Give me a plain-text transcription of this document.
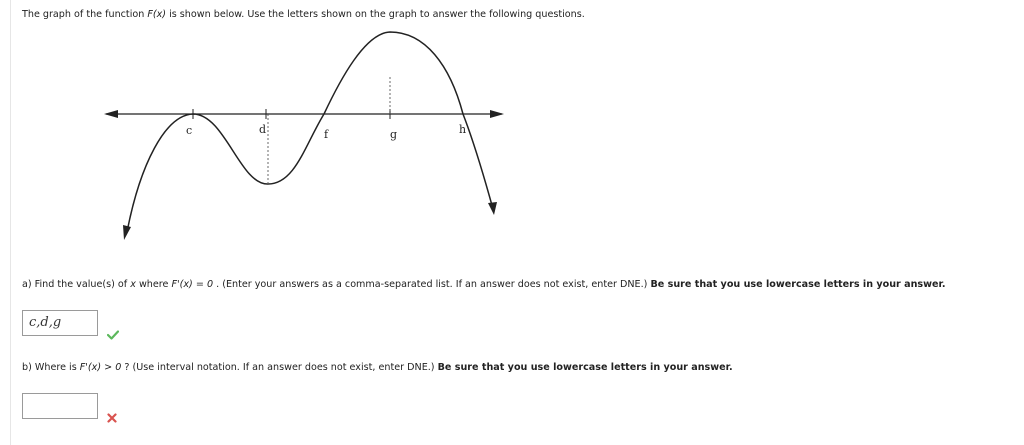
The graph of the function F(x) is shown below. Use the letters shown on the graph to answer the following questions.
c	d	f	g	h
a) Find the value(s) of x where F'(x) = 0 . (Enter your answers as a comma-separated list. If an answer does not exist, enter DNE.) Be sure that you use lowercase letters in your answer.
c,d,g
b) Where is F'(x) > 0 ? (Use interval notation. If an answer does not exist, enter DNE.) Be sure that you use lowercase letters in your answer.
